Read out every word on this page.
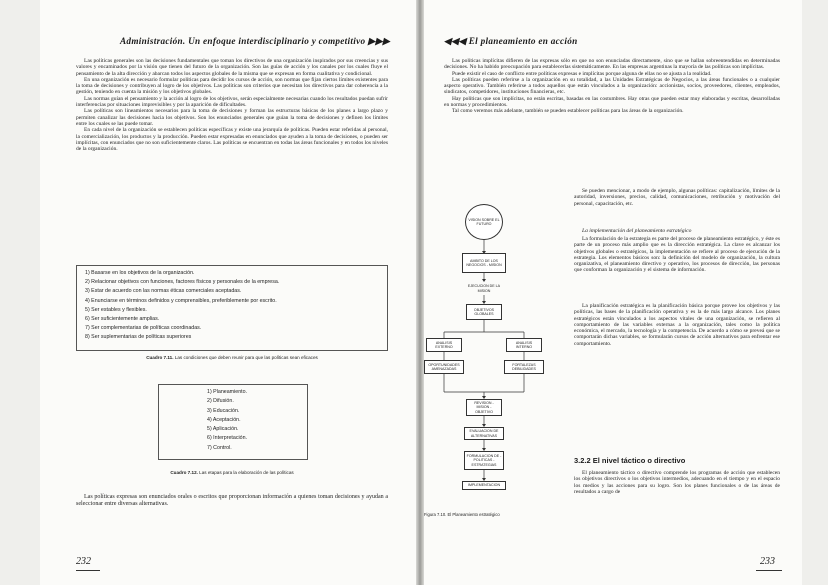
Administración. Un enfoque interdisciplinario y competitivo ▶▶▶

Las políticas generales son las decisiones fundamentales que toman los directivos de una organización inspirados por sus creencias y sus valores y encaminados por la visión que tienen del futuro de la organización. Son las guías de acción y los canales por los cuales fluye el pensamiento de la alta dirección y abarcan todos los aspectos globales de la misma que se expresan en forma cualitativa y condicional.

En una organización es necesario formular políticas para decidir los cursos de acción, son normas que fijan ciertos límites existentes para la toma de decisiones y contribuyen al logro de los objetivos. Las políticas son criterios que necesitan los directivos para dar coherencia a la gestión, teniendo en cuenta la misión y los objetivos globales.

Las normas guían el pensamiento y la acción al logro de los objetivos, serán especialmente necesarias cuando los resultados puedan sufrir interferencias por situaciones imprevisibles y por la aparición de dificultades.

Las políticas son lineamientos necesarios para la toma de decisiones y forman las estructuras básicas de los planes a largo plazo y permiten canalizar las decisiones hacia los objetivos. Son los enunciados generales que guían la toma de decisiones y definen los límites entre los cuales se las puede tomar.

En cada nivel de la organización se establecen políticas específicas y existe una jerarquía de políticas. Pueden estar referidas al personal, la comercialización, los productos y la producción. Pueden estar expresadas en enunciados que ayuden a la toma de decisiones, o pueden ser implícitas, con enunciados que no son suficientemente claros. Las políticas se encuentran en todas las áreas funcionales y en todos los niveles de la organización.

1) Basarse en los objetivos de la organización.
2) Relacionar objetivos con funciones, factores físicos y personales de la empresa.
3) Estar de acuerdo con las normas éticas comerciales aceptadas.
4) Enunciarse en términos definidos y comprensibles, preferiblemente por escrito.
5) Ser estables y flexibles.
6) Ser suficientemente amplias.
7) Ser complementarias de políticas coordinadas.
8) Ser suplementarias de políticas superiores
Cuadro 7.11. Las condiciones que deben reunir para que las políticas sean eficaces
1) Planeamiento.
2) Difusión.
3) Educación.
4) Aceptación.
5) Aplicación.
6) Interpretación.
7) Control.
Cuadro 7.12. Las etapas para la elaboración de las políticas

Las políticas expresas son enunciados orales o escritos que proporcionan información a quienes toman decisiones y ayudan a seleccionar entre diversas alternativas.

232
◀◀◀ El planeamiento en acción

Las políticas implícitas difieren de las expresas sólo en que no son enunciadas directamente, sino que se hallan sobreentendidas en determinadas decisiones. No ha habido preocupación para establecerlas sistemáticamente. En las empresas argentinas la mayoría de las políticas son implícitas.

Puede existir el caso de conflicto entre políticas expresas e implícitas porque alguna de ellas no se ajusta a la realidad.

Las políticas pueden referirse a la organización en su totalidad, a las Unidades Estratégicas de Negocios, a las áreas funcionales o a cualquier aspecto operativo. También referirse a todos aquellos que están vinculados a la organización: accionistas, socios, proveedores, clientes, empleados, sindicatos, competidores, instituciones financieras, etc.

Hay políticas que son implícitas, no están escritas, basadas en las costumbres. Hay otras que pueden estar muy elaboradas y escritas, desarrolladas en normas y procedimientos.

Tal como veremos más adelante, también se pueden establecer políticas para las áreas de la organización.

VISION SOBRE EL FUTURO
AMBITO DE LOS NEGOCIOS - MISION
EJECUCION DE LA MISION
OBJETIVOS GLOBALES
ANALISIS EXTERNO
ANALISIS INTERNO
OPORTUNIDADES AMENAZADAS
FORTALEZAS DEBILIDADES
REVISION - MISION - OBJETIVO
EVALUACION DE ALTERNATIVAS
FORMULACION DE - POLITICAS - ESTRATEGIAS
IMPLEMENTACION
Figura 7.10. El Planeamiento estratégico

Se pueden mencionar, a modo de ejemplo, algunas políticas: capitalización, límites de la autoridad, inversiones, precios, calidad, comunicaciones, retribución y motivación del personal, capacitación, etc.

La implementación del planeamiento estratégico

La formulación de la estrategia es parte del proceso de planeamiento estratégico, y éste es parte de un proceso más amplio que es la dirección estratégica. La clave es alcanzar los objetivos globales o estratégicos, la implementación se refiere al proceso de ejecución de la estrategia. Los elementos básicos son: la definición del modelo de organización, la cultura organizativa, el planeamiento directivo y operativo, los procesos de dirección, las personas que conforman la organización y el sistema de información.

La planificación estratégica es la planificación básica porque provee los objetivos y las políticas, las bases de la planificación operativa y es la de más largo alcance. Los planes estratégicos están vinculados a los aspectos vitales de una organización, se refieren al comportamiento de las variables externas a la organización, tales como la política económica, el mercado, la tecnología y la competencia. De acuerdo a cómo se preveá que se comportarán dichas variables, se formularán cursos de acción alternativos para enfrentar ese comportamiento.

3.2.2 El nivel táctico o directivo

El planeamiento táctico o directivo comprende los programas de acción que establecen los objetivos directivos o los objetivos intermedios, adecuando en el tiempo y en el espacio los medios y las acciones para su logro. Son los planes funcionales o de las áreas de resultados a cargo de

233
